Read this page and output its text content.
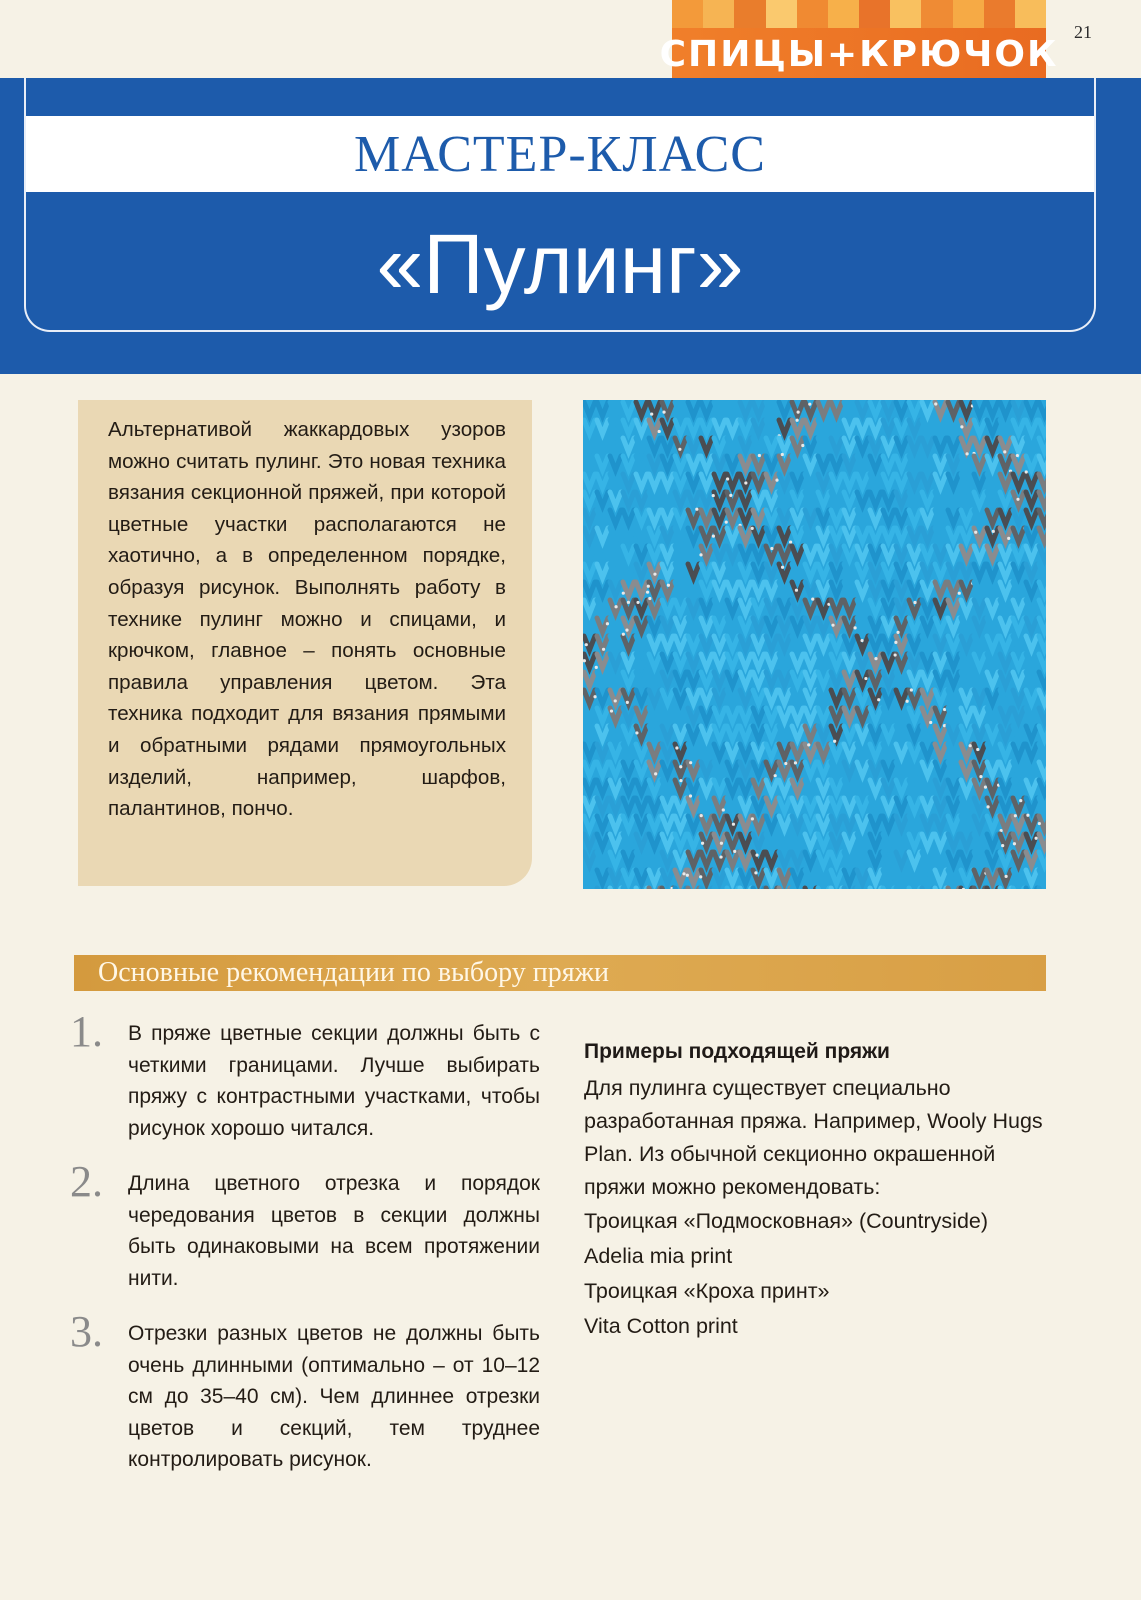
СПИЦЫ+КРЮЧОК
21
МАСТЕР-КЛАСС
«Пулинг»

Альтернативой жаккардовых узоров можно считать пулинг. Это новая техника вязания секционной пряжей, при которой цветные участки располагаются не хаотично, а в определенном порядке, образуя рисунок. Выполнять работу в технике пулинг можно и спицами, и крючком, главное – понять основные правила управления цветом. Эта техника подходит для вязания прямыми и обратными рядами прямоугольных изделий, например, шарфов, палантинов, пончо.

Основные рекомендации по выбору пряжи
1. В пряже цветные секции должны быть с четкими границами. Лучше выбирать пряжу с контрастными участками, чтобы рисунок хорошо читался.

2. Длина цветного отрезка и порядок чередования цветов в секции должны быть одинаковыми на всем протяжении нити.

3. Отрезки разных цветов не должны быть очень длинными (оптимально – от 10–12 см до 35–40 см). Чем длиннее отрезки цветов и секций, тем труднее контролировать рисунок.

Примеры подходящей пряжи

Для пулинга существует специально разработанная пряжа. Например, Wooly Hugs Plan. Из обычной секционно окрашенной пряжи можно рекомендовать:

Троицкая «Подмосковная» (Countryside)
Adelia mia print
Троицкая «Кроха принт»
Vita Cotton print
